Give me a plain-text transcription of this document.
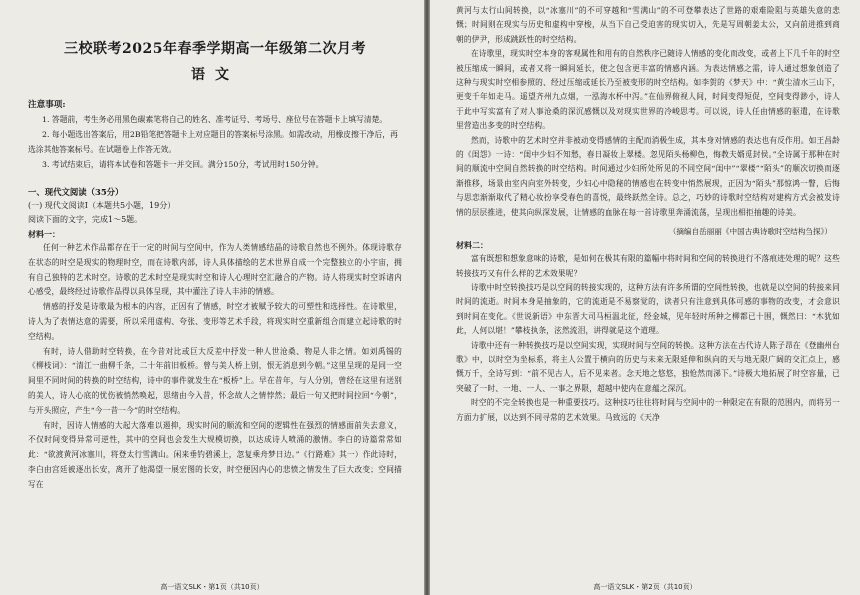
三校联考2025年春季学期高一年级第二次月考
语文
注意事项:

1. 答题前，考生务必用黑色碳素笔将自己的姓名、准考证号、考场号、座位号在答题卡上填写清楚。

2. 每小题选出答案后，用2B铅笔把答题卡上对应题目的答案标号涂黑。如需改动，用橡皮擦干净后，再选涂其他答案标号。在试题卷上作答无效。

3. 考试结束后，请将本试卷和答题卡一并交回。满分150分，考试用时150分钟。

一、现代文阅读（35分）

(一) 现代文阅读Ⅰ（本题共5小题，19分）

阅读下面的文字，完成1～5题。

材料一：

任何一种艺术作品都存在于一定的时间与空间中，作为人类情感结晶的诗歌自然也不例外。体现诗歌存在状态的时空是现实的物理时空，而在诗歌内部，诗人具体描绘的艺术世界自成一个完整独立的小宇宙，拥有自己独特的艺术时空。诗歌的艺术时空是现实时空和诗人心理时空汇融合的产物。诗人将现实时空诉诸内心感受，最终经过诗歌作品得以具体呈现，其中灌注了诗人丰沛的情感。

情感的抒发是诗歌最为根本的内容，正因有了情感，时空才被赋予较大的可塑性和选择性。在诗歌里，诗人为了表情达意的需要，所以采用虚构、夸张、变形等艺术手段，将现实时空重新组合而建立起诗歌的时空结构。

有时，诗人借助时空转换，在今昔对比或巨大反差中抒发一种人世沧桑、物是人非之情。如刘禹锡的《柳枝词》：“清江一曲柳千条，二十年前旧板桥。曾与美人桥上别，恨无消息到今朝。”这里呈现的是同一空间里不同时间的转换的时空结构，诗中的事件就发生在“板桥”上。早在昔年，与人分别，曾经在这里有送别的美人，诗人心底的忧伤被悄然唤起，思绪由今入昔，怀念故人之情悖然；最后一句又把时间拉回“今朝”，与开头照应，产生“今一昔一今”的时空结构。

有时，因诗人情感的大起大落难以遏抑，现实时间的顺流和空间的逻辑性在强烈的情感面前失去意义，不仅时间变得异常可逆性，其中的空间也会发生大规模切换，以达成诗人喷涌的激情。李白的诗篇常常如此：“欲渡黄河冰塞川，将登太行雪满山。闲来垂钓碧溪上，忽复乘舟梦日边。”《行路难》其一）作此诗时，李白由宫廷被逐出长安，离开了他渴望一展宏图的长安，时空便因内心的悲愤之情发生了巨大改变；空间描写在

高一语文SLK・第1页（共10页）

黄河与太行山间转换，以“冰塞川”的不可穿越和“雪满山”的不可登攀表达了世路的艰难险阻与英雄失意的悲慨；时间则在现实与历史和虚构中穿梭，从当下自己受迫害的现实切入，先是写周朝姜太公，又向前进推到商朝的伊尹，形成跳跃性的时空结构。

在诗歌里，现实时空本身的客观属性和用有的自然秩序已随诗人情感的变化而改变，或者上下几千年的时空被压缩成一瞬间，或者又将一瞬间延长，使之包含更丰富的情感内涵。为表达情感之需，诗人通过想象创造了这种与现实时空相参照的、经过压缩或延长乃至被变形的时空结构。如李贺的《梦天》中：“黄尘清水三山下，更变千年如走马。遥望齐州九点烟，一泓海水杯中泻。”在仙界俯视人间，时间变得短促，空间变得渺小，诗人于此中写实富有了对人事沧桑的深沉感慨以及对现实世界的冷峻思考。可以说，诗人任由情感的驱遣，在诗歌里营造出多变的时空结构。

然而，诗歌中的艺术时空并非被动变得感情的主配而消极生成，其本身对情感的表达也有反作用。如王昌龄的《闺怨》一诗：“闺中少妇不知愁，春日凝妆上翠楼。忽见陌头杨柳色，悔教夫婿觅封侯。”全诗属于那种在时间的顺流中空间自然转换的时空结构。时间通过少妇所处所见的不同空间“闺中”“翠楼”“陌头”的顺次切换而逐渐推移，场景由室内向室外转变，少妇心中隐秘的情感也在转变中悄然展现，正因为“陌头”那惊鸿一瞥，后悔与思恋渐渐取代了精心妆扮享受春色的喜悦，最终跃然全诗。总之，巧妙的诗歌时空结构对建构方式会被发诗情的层层推进，使其向纵深发展，让情感的血脉在每一首诗歌里奔涌流荡，呈现出相拒抽趣的诗美。

（摘编自岳丽丽《中国古典诗歌时空结构刍探》）
材料二：

富有既想和想象意味的诗歌，是如何在极其有限的篇幅中将时间和空间的转换进行不落痕迹处理的呢？这些转接技巧又有什么样的艺术效果呢？

诗歌中时空转换技巧是以空间的转接实现的，这种方法有许多所谓的空间性转换，也就是以空间的转接来同时间的流逝。时间本身是抽象的，它的流逝是不易察觉的，读者只有注意到具体可感的事物的改变，才会意识到时间在变化。《世说新语》中东晋大司马桓温北征，经金城，见年轻时所种之柳都已十围，慨然曰：“木犹如此，人何以堪！”攀枝执条，泫然流泪，讲得就是这个道理。

诗歌中还有一种转换技巧是以空间实现，实现时间与空间的转换。这种方法在古代诗人陈子昂在《登幽州台歌》中，以时空为坐标系，将主人公置于横向的历史与未来无限延伸和纵向的天与地无限广阔的交汇点上，感慨万千，全诗写到：“前不见古人，后不见来者。念天地之悠悠，独怆然而涕下。”诗极大地拓展了时空容量，已突破了一时、一地、一人、一事之界限，超越中使内在意蕴之深沉。

时空的不完全转换也是一种重要技巧。这种技巧往往将时间与空间中的一种限定在有限的范围内，而将另一方面力扩展，以达到不同寻常的艺术效果。马致远的《天净

高一语文SLK・第2页（共10页）
